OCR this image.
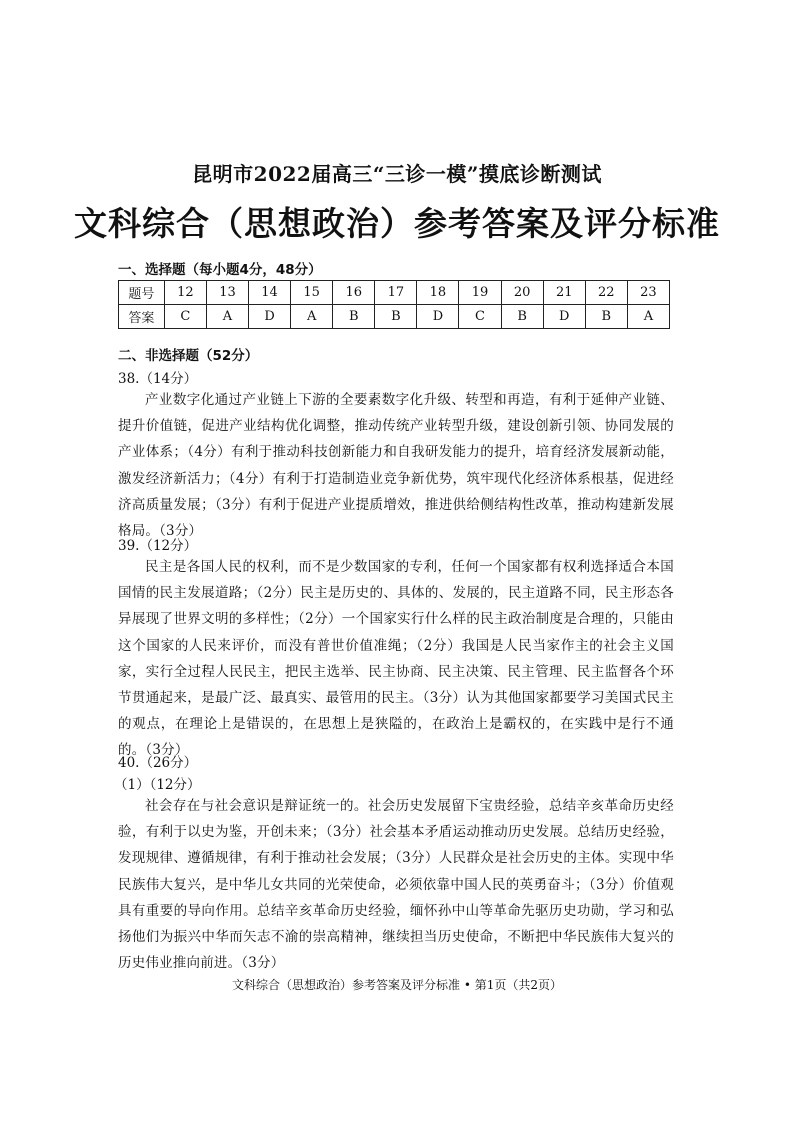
昆明市2022届高三“三诊一模”摸底诊断测试
文科综合（思想政治）参考答案及评分标准
一、选择题（每小题4分，48分）
题号	12	13	14	15	16	17	18	19	20	21	22	23
答案	C	A	D	A	B	B	D	C	B	D	B	A
二、非选择题（52分）
38.（14分）
产业数字化通过产业链上下游的全要素数字化升级、转型和再造，有利于延伸产业链、提升价值链，促进产业结构优化调整，推动传统产业转型升级，建设创新引领、协同发展的产业体系；（4分）有利于推动科技创新能力和自我研发能力的提升，培育经济发展新动能，激发经济新活力；（4分）有利于打造制造业竞争新优势，筑牢现代化经济体系根基，促进经济高质量发展；（3分）有利于促进产业提质增效，推进供给侧结构性改革，推动构建新发展格局。（3分）
39.（12分）
民主是各国人民的权利，而不是少数国家的专利，任何一个国家都有权利选择适合本国国情的民主发展道路；（2分）民主是历史的、具体的、发展的，民主道路不同，民主形态各异展现了世界文明的多样性；（2分）一个国家实行什么样的民主政治制度是合理的，只能由这个国家的人民来评价，而没有普世价值准绳；（2分）我国是人民当家作主的社会主义国家，实行全过程人民民主，把民主选举、民主协商、民主决策、民主管理、民主监督各个环节贯通起来，是最广泛、最真实、最管用的民主。（3分）认为其他国家都要学习美国式民主的观点，在理论上是错误的，在思想上是狭隘的，在政治上是霸权的，在实践中是行不通的。（3分）
40.（26分）
（1）（12分）
社会存在与社会意识是辩证统一的。社会历史发展留下宝贵经验，总结辛亥革命历史经验，有利于以史为鉴，开创未来；（3分）社会基本矛盾运动推动历史发展。总结历史经验，发现规律、遵循规律，有利于推动社会发展；（3分）人民群众是社会历史的主体。实现中华民族伟大复兴，是中华儿女共同的光荣使命，必须依靠中国人民的英勇奋斗；（3分）价值观具有重要的导向作用。总结辛亥革命历史经验，缅怀孙中山等革命先驱历史功勋，学习和弘扬他们为振兴中华而矢志不渝的崇高精神，继续担当历史使命，不断把中华民族伟大复兴的历史伟业推向前进。（3分）
文科综合（思想政治）参考答案及评分标准 • 第1页（共2页）
